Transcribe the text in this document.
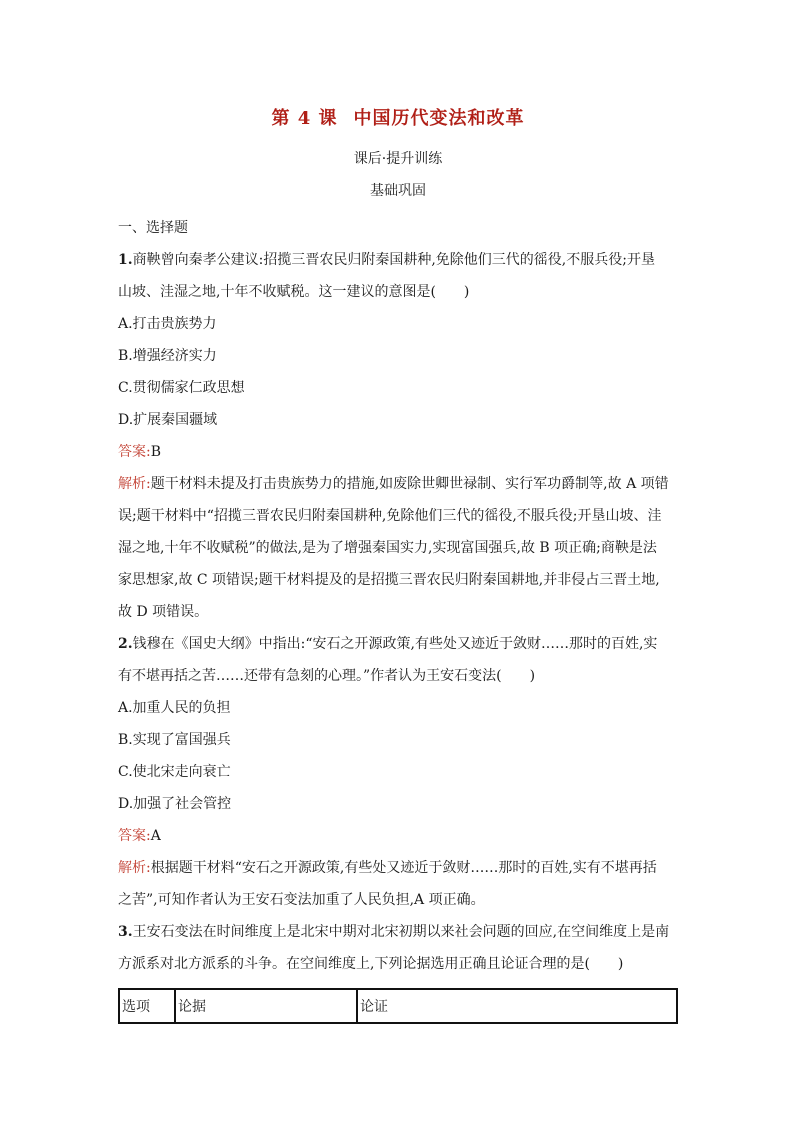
第 4 课 中国历代变法和改革
课后·提升训练
基础巩固
一、选择题
1.商鞅曾向秦孝公建议:招揽三晋农民归附秦国耕种,免除他们三代的徭役,不服兵役;开垦
山坡、洼湿之地,十年不收赋税。这一建议的意图是(　　)
A.打击贵族势力
B.增强经济实力
C.贯彻儒家仁政思想
D.扩展秦国疆域
答案:B
解析:题干材料未提及打击贵族势力的措施,如废除世卿世禄制、实行军功爵制等,故 A 项错
误;题干材料中“招揽三晋农民归附秦国耕种,免除他们三代的徭役,不服兵役;开垦山坡、洼
湿之地,十年不收赋税”的做法,是为了增强秦国实力,实现富国强兵,故 B 项正确;商鞅是法
家思想家,故 C 项错误;题干材料提及的是招揽三晋农民归附秦国耕地,并非侵占三晋土地,
故 D 项错误。
2.钱穆在《国史大纲》中指出:“安石之开源政策,有些处又迹近于敛财……那时的百姓,实
有不堪再括之苦……还带有急刻的心理。”作者认为王安石变法(　　)
A.加重人民的负担
B.实现了富国强兵
C.使北宋走向衰亡
D.加强了社会管控
答案:A
解析:根据题干材料“安石之开源政策,有些处又迹近于敛财……那时的百姓,实有不堪再括
之苦”,可知作者认为王安石变法加重了人民负担,A 项正确。
3.王安石变法在时间维度上是北宋中期对北宋初期以来社会问题的回应,在空间维度上是南
方派系对北方派系的斗争。在空间维度上,下列论据选用正确且论证合理的是(　　)
选项	论据	论证
